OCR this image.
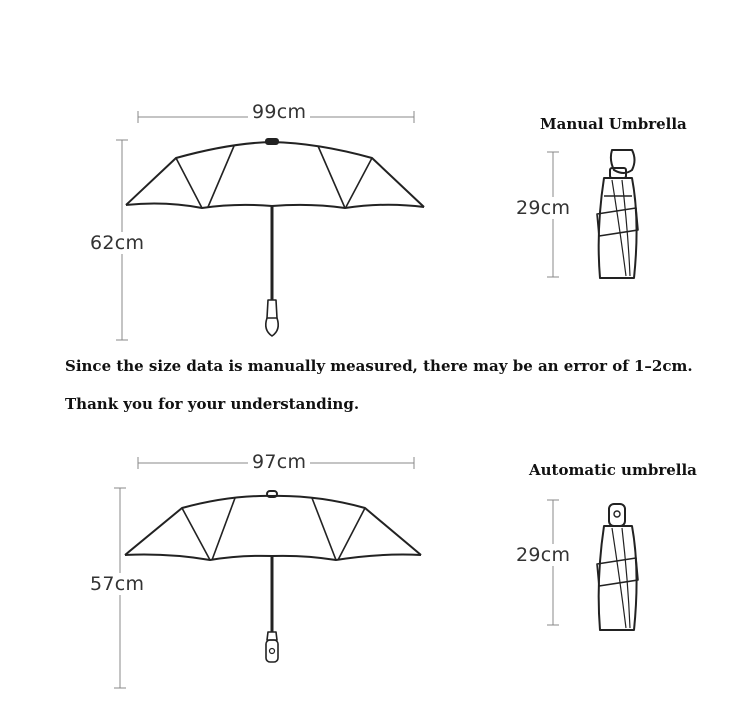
99cm
62cm
Manual Umbrella
29cm
Since the size data is manually measured, there may be an error of 1–2cm.
Thank you for your understanding.
97cm
57cm
Automatic umbrella
29cm
